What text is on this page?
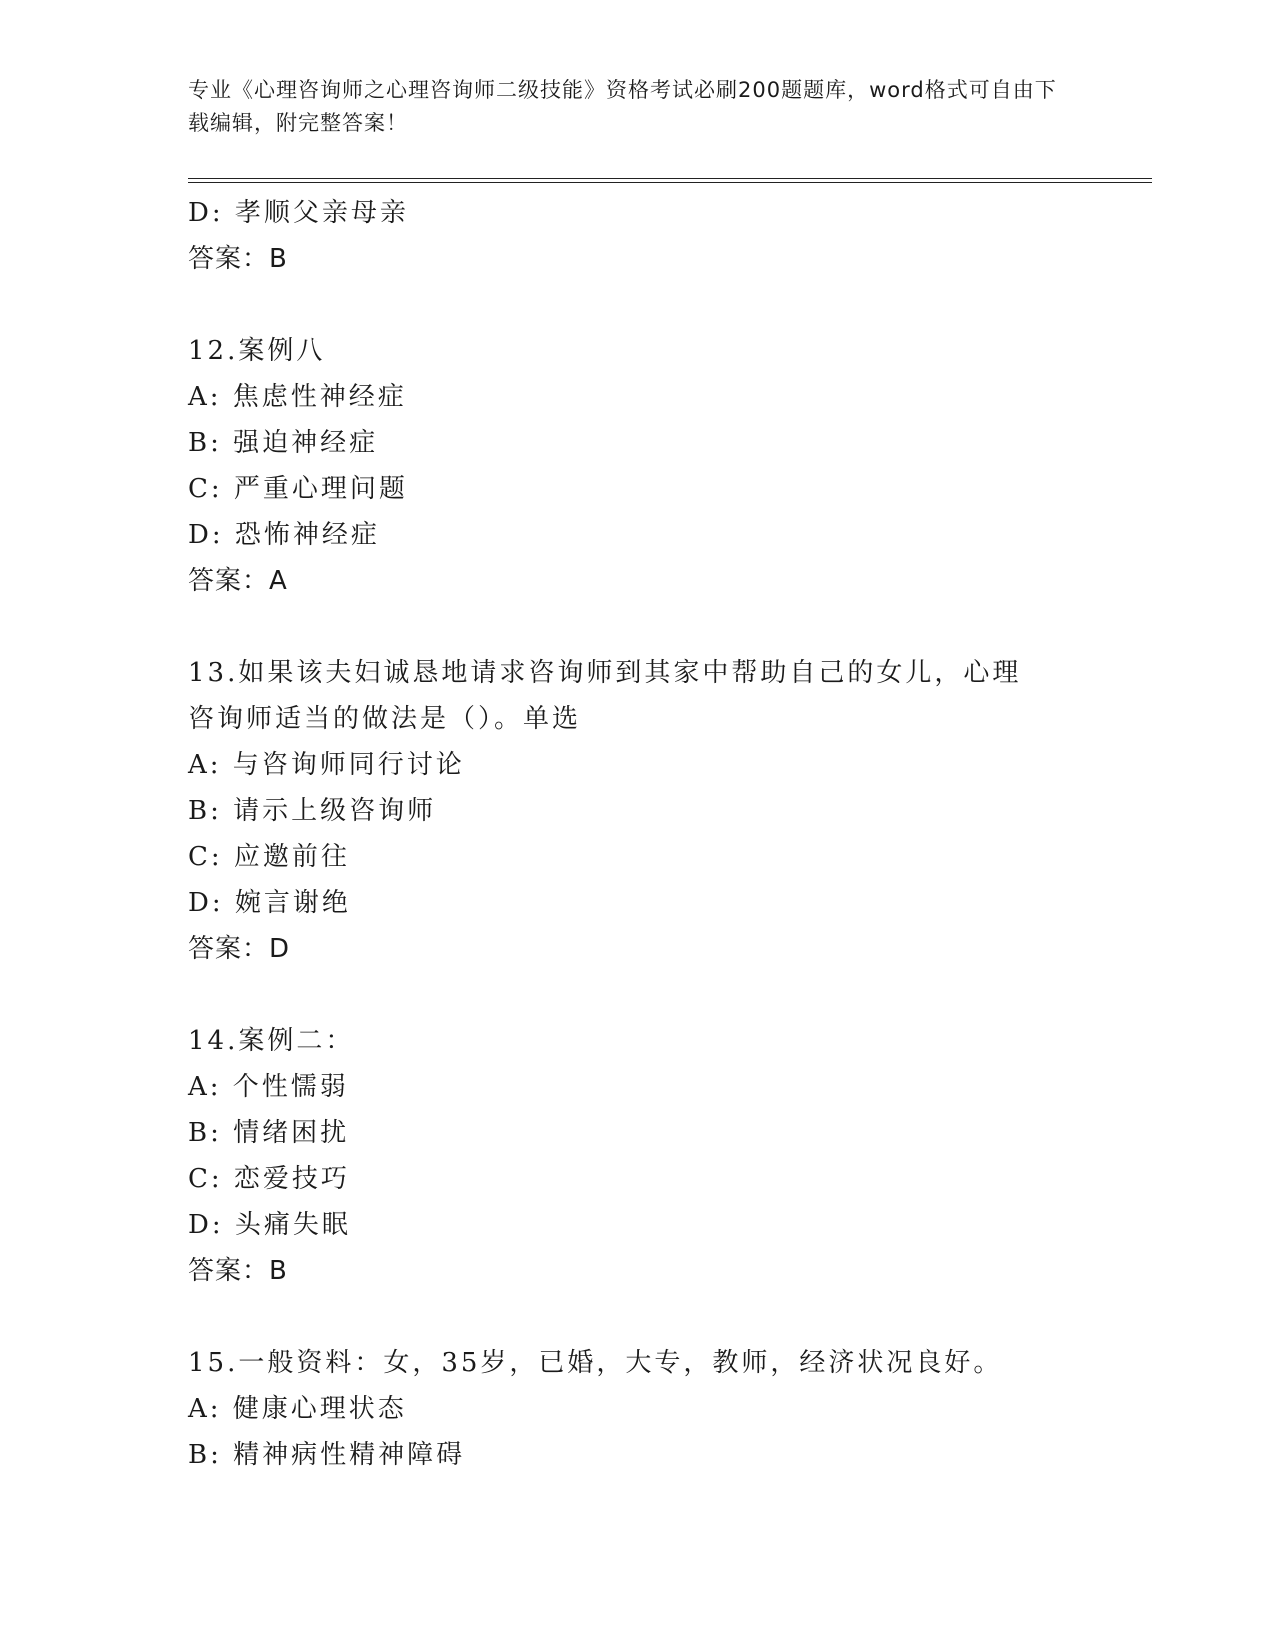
专业《心理咨询师之心理咨询师二级技能》资格考试必刷200题题库，word格式可自由下载编辑，附完整答案！
D: 孝顺父亲母亲
答案：B
12.案例八
A: 焦虑性神经症
B: 强迫神经症
C: 严重心理问题
D: 恐怖神经症
答案：A
13.如果该夫妇诚恳地请求咨询师到其家中帮助自己的女儿，心理咨询师适当的做法是（）。单选
A: 与咨询师同行讨论
B: 请示上级咨询师
C: 应邀前往
D: 婉言谢绝
答案：D
14.案例二：
A: 个性懦弱
B: 情绪困扰
C: 恋爱技巧
D: 头痛失眠
答案：B
15.一般资料：女，35岁，已婚，大专，教师，经济状况良好。
A: 健康心理状态
B: 精神病性精神障碍
